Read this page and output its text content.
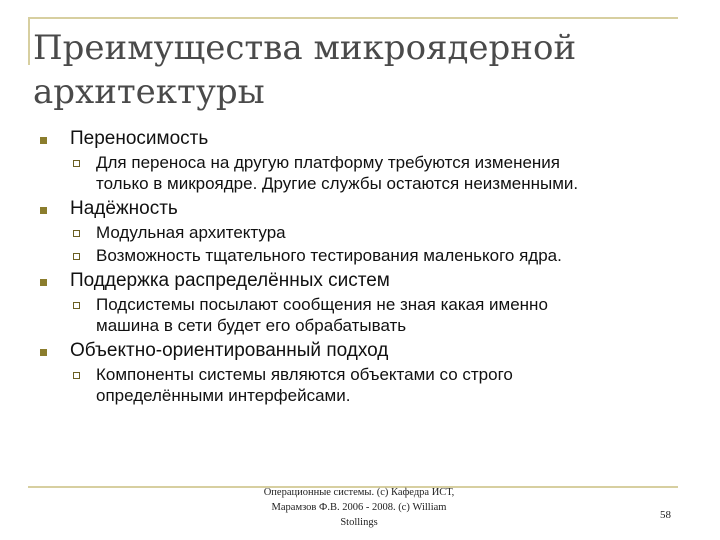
Преимущества микроядерной
архитектуры
Переносимость
Для переноса на другую платформу требуются изменения
только в микроядре. Другие службы остаются неизменными.
Надёжность
Модульная архитектура
Возможность тщательного тестирования маленького ядра.
Поддержка распределённых систем
Подсистемы посылают сообщения не зная какая именно
машина в сети будет его обрабатывать
Объектно-ориентированный подход
Компоненты системы являются объектами со строго
определёнными интерфейсами.
Операционные системы. (c) Кафедра ИСТ,
Марамзов Ф.В. 2006 - 2008. (c) William
Stollings
58
